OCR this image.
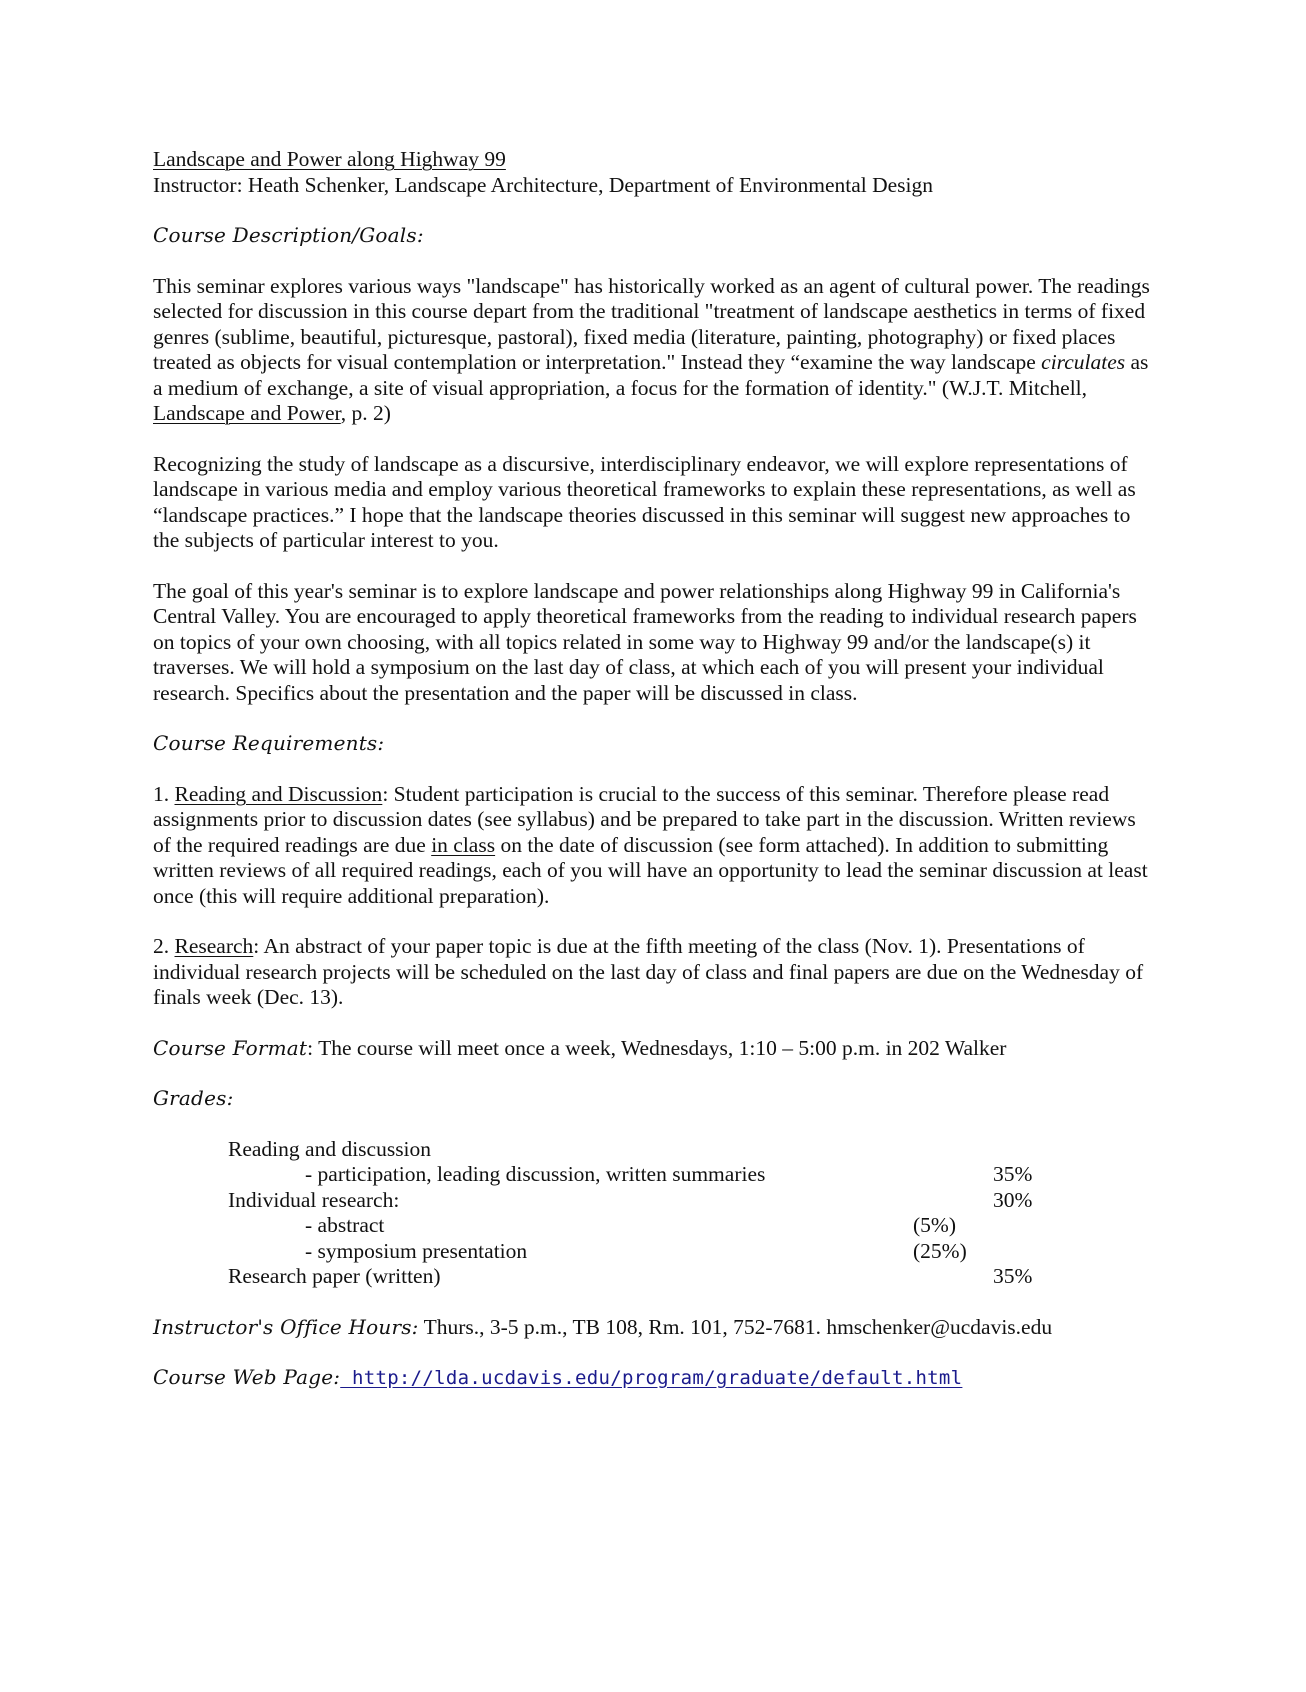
Landscape and Power along Highway 99
Instructor: Heath Schenker, Landscape Architecture, Department of Environmental Design

Course Description/Goals:

This seminar explores various ways "landscape" has historically worked as an agent of cultural power. The readings selected for discussion in this course depart from the traditional "treatment of landscape aesthetics in terms of fixed genres (sublime, beautiful, picturesque, pastoral), fixed media (literature, painting, photography) or fixed places treated as objects for visual contemplation or interpretation." Instead they “examine the way landscape circulates as a medium of exchange, a site of visual appropriation, a focus for the formation of identity." (W.J.T. Mitchell, Landscape and Power, p. 2)

Recognizing the study of landscape as a discursive, interdisciplinary endeavor, we will explore representations of landscape in various media and employ various theoretical frameworks to explain these representations, as well as “landscape practices.” I hope that the landscape theories discussed in this seminar will suggest new approaches to the subjects of particular interest to you.

The goal of this year's seminar is to explore landscape and power relationships along Highway 99 in California's Central Valley. You are encouraged to apply theoretical frameworks from the reading to individual research papers on topics of your own choosing, with all topics related in some way to Highway 99 and/or the landscape(s) it traverses. We will hold a symposium on the last day of class, at which each of you will present your individual research. Specifics about the presentation and the paper will be discussed in class.

Course Requirements:

1. Reading and Discussion: Student participation is crucial to the success of this seminar. Therefore please read assignments prior to discussion dates (see syllabus) and be prepared to take part in the discussion. Written reviews of the required readings are due in class on the date of discussion (see form attached). In addition to submitting written reviews of all required readings, each of you will have an opportunity to lead the seminar discussion at least once (this will require additional preparation).

2. Research: An abstract of your paper topic is due at the fifth meeting of the class (Nov. 1). Presentations of individual research projects will be scheduled on the last day of class and final papers are due on the Wednesday of finals week (Dec. 13).

Course Format: The course will meet once a week, Wednesdays, 1:10 – 5:00 p.m. in 202 Walker

Grades:

Reading and discussion
- participation, leading discussion, written summaries	35%
Individual research:	30%
- abstract	(5%)
- symposium presentation	(25%)
Research paper (written)	35%

Instructor's Office Hours: Thurs., 3-5 p.m., TB 108, Rm. 101, 752-7681. hmschenker@ucdavis.edu

Course Web Page: http://lda.ucdavis.edu/program/graduate/default.html
